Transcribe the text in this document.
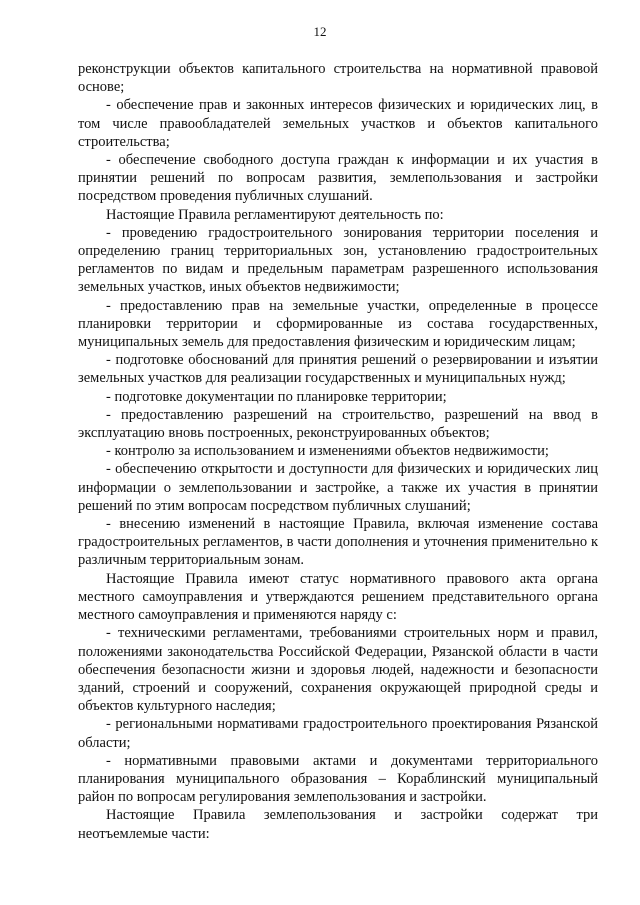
12

реконструкции объектов капитального строительства на нормативной правовой основе;

- обеспечение прав и законных интересов физических и юридических лиц, в том числе правообладателей земельных участков и объектов капитального строительства;

- обеспечение свободного доступа граждан к информации и их участия в принятии решений по вопросам развития, землепользования и застройки посредством проведения публичных слушаний.

Настоящие Правила регламентируют деятельность по:

- проведению градостроительного зонирования территории поселения и определению границ территориальных зон, установлению градостроительных регламентов по видам и предельным параметрам разрешенного использования земельных участков, иных объектов недвижимости;

- предоставлению прав на земельные участки, определенные в процессе планировки территории и сформированные из состава государственных, муниципальных земель для предоставления физическим и юридическим лицам;

- подготовке обоснований для принятия решений о резервировании и изъятии земельных участков для реализации государственных и муниципальных нужд;

- подготовке документации по планировке территории;

- предоставлению разрешений на строительство, разрешений на ввод в эксплуатацию вновь построенных, реконструированных объектов;

- контролю за использованием и изменениями объектов недвижимости;

- обеспечению открытости и доступности для физических и юридических лиц информации о землепользовании и застройке, а также их участия в принятии решений по этим вопросам посредством публичных слушаний;

- внесению изменений в настоящие Правила, включая изменение состава градостроительных регламентов, в части дополнения и уточнения применительно к различным территориальным зонам.

Настоящие Правила имеют статус нормативного правового акта органа местного самоуправления и утверждаются решением представительного органа местного самоуправления и применяются наряду с:

- техническими регламентами, требованиями строительных норм и правил, положениями законодательства Российской Федерации, Рязанской области в части обеспечения безопасности жизни и здоровья людей, надежности и безопасности зданий, строений и сооружений, сохранения окружающей природной среды и объектов культурного наследия;

- региональными нормативами градостроительного проектирования Рязанской области;

- нормативными правовыми актами и документами территориального планирования муниципального образования – Кораблинский муниципальный район по вопросам регулирования землепользования и застройки.

Настоящие Правила землепользования и застройки содержат три неотъемлемые части:
